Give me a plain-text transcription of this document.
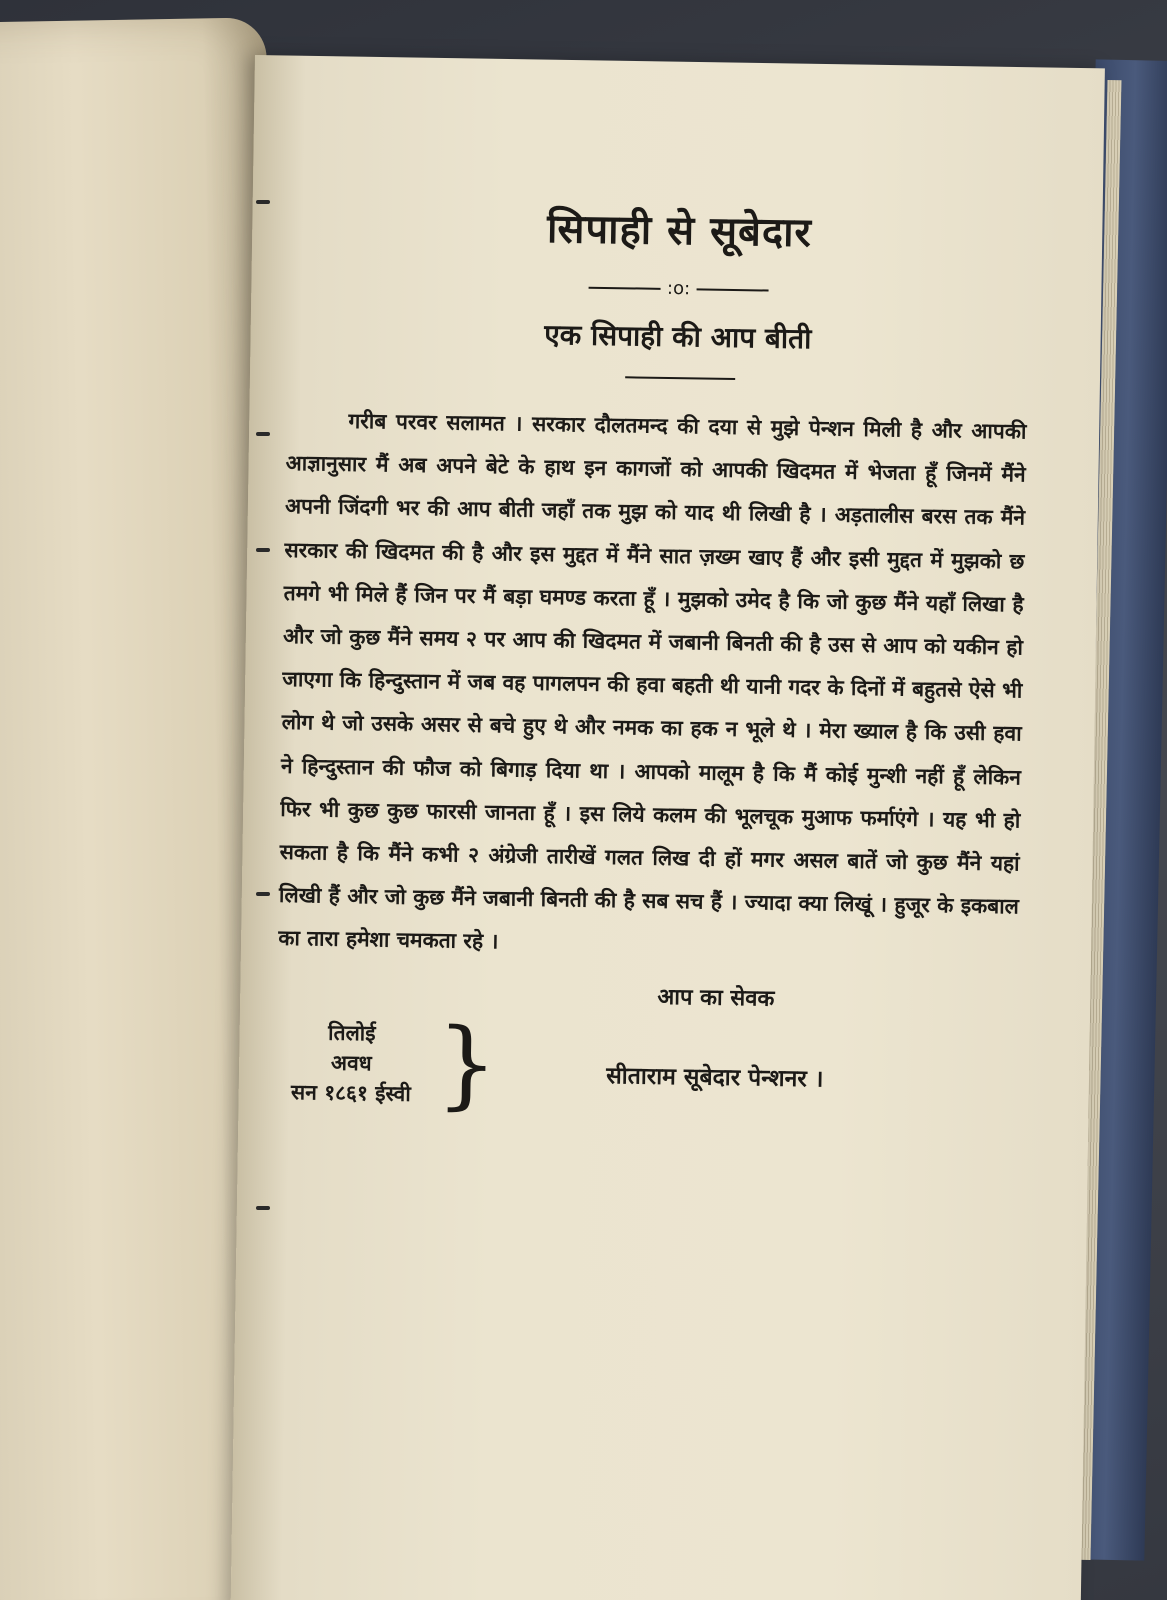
सिपाही से सूबेदार
:o:
एक सिपाही की आप बीती

गरीब परवर सलामत । सरकार दौलतमन्द की दया से मुझे पेन्शन मिली है और आपकी आज्ञानुसार मैं अब अपने बेटे के हाथ इन कागजों को आपकी खिदमत में भेजता हूँ जिनमें मैंने अपनी जिंदगी भर की आप बीती जहाँ तक मुझ को याद थी लिखी है । अड़तालीस बरस तक मैंने सरकार की खिदमत की है और इस मुद्दत में मैंने सात ज़ख्म खाए हैं और इसी मुद्दत में मुझको छ तमगे भी मिले हैं जिन पर मैं बड़ा घमण्ड करता हूँ । मुझको उमेद है कि जो कुछ मैंने यहाँ लिखा है और जो कुछ मैंने समय २ पर आप की खिदमत में जबानी बिनती की है उस से आप को यकीन हो जाएगा कि हिन्दुस्तान में जब वह पागलपन की हवा बहती थी यानी गदर के दिनों में बहुतसे ऐसे भी लोग थे जो उसके असर से बचे हुए थे और नमक का हक न भूले थे । मेरा ख्याल है कि उसी हवा ने हिन्दुस्तान की फौज को बिगाड़ दिया था । आपको मालूम है कि मैं कोई मुन्शी नहीं हूँ लेकिन फिर भी कुछ कुछ फारसी जानता हूँ । इस लिये कलम की भूलचूक मुआफ फर्माएंगे । यह भी हो सकता है कि मैंने कभी २ अंग्रेजी तारीखें गलत लिख दी हों मगर असल बातें जो कुछ मैंने यहां लिखी हैं और जो कुछ मैंने जबानी बिनती की है सब सच हैं । ज्यादा क्या लिखूं । हुजूर के इकबाल का तारा हमेशा चमकता रहे ।

आप का सेवक
तिलोई
अवध
सन १८६१ ईस्वी }	सीताराम सूबेदार पेन्शनर ।
